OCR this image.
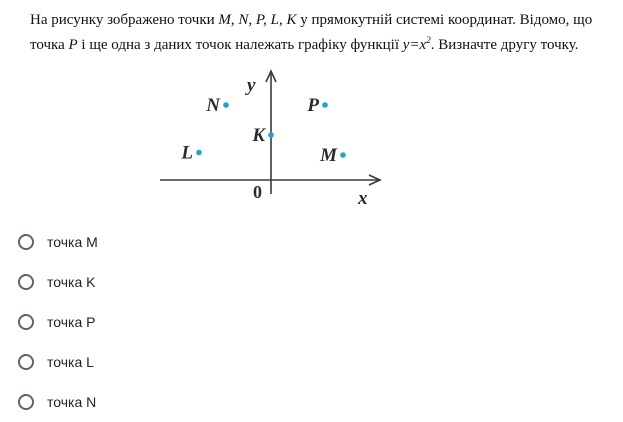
На рисунку зображено точки M, N, P, L, K у прямокутній системі координат. Відомо, що точка P і ще одна з даних точок належать графіку функції $y=x^2$. Визначте другу точку.
y
x
0
N	P
K
L	M
точка M
точка K
точка P
точка L
точка N
